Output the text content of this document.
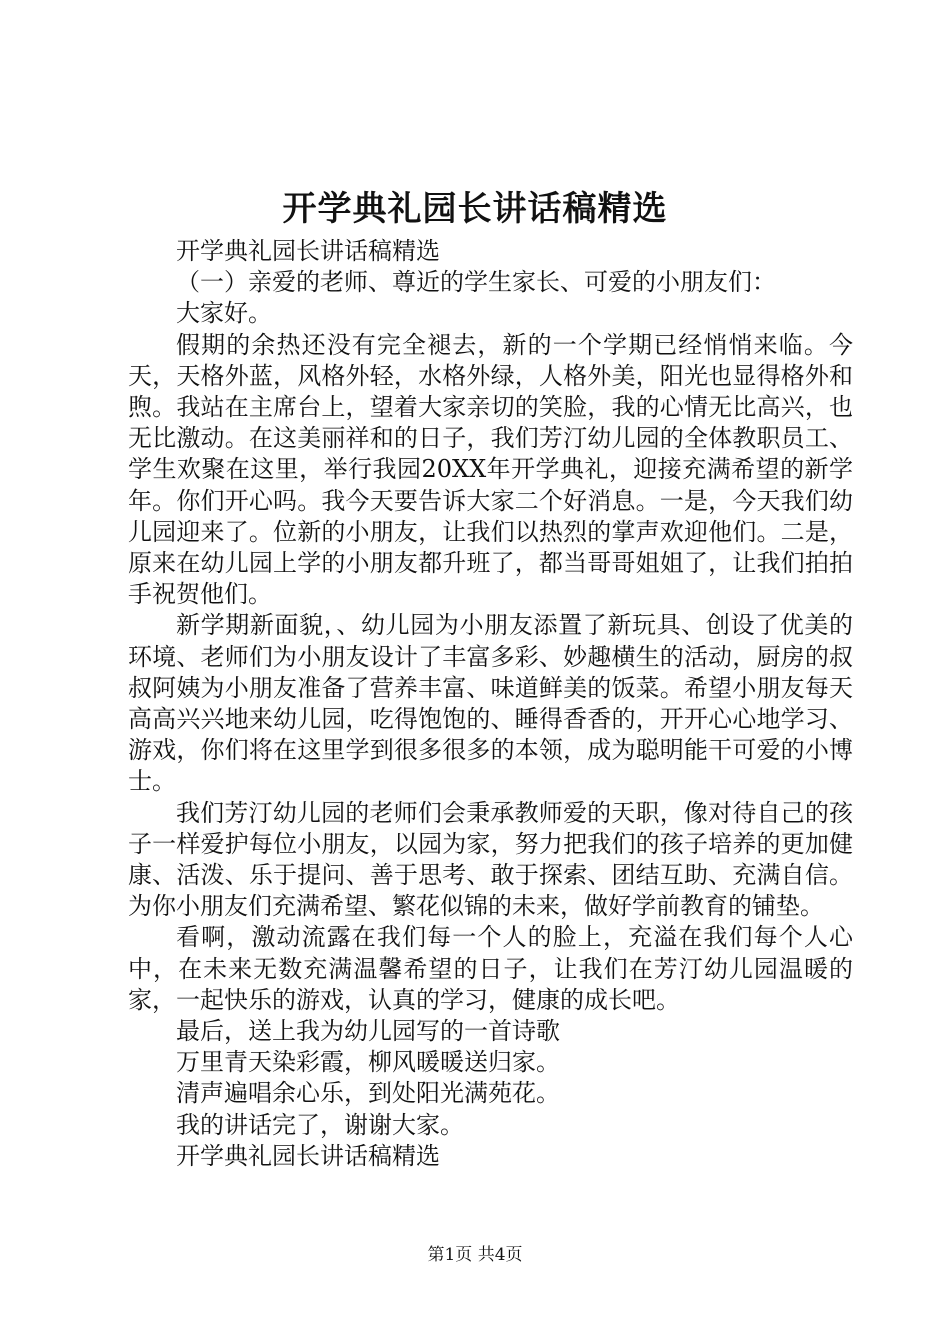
开学典礼园长讲话稿精选

开学典礼园长讲话稿精选

（一）亲爱的老师、尊近的学生家长、可爱的小朋友们：

大家好。

假期的余热还没有完全褪去，新的一个学期已经悄悄来临。今天，天格外蓝，风格外轻，水格外绿，人格外美，阳光也显得格外和煦。我站在主席台上，望着大家亲切的笑脸，我的心情无比高兴，也无比激动。在这美丽祥和的日子，我们芳汀幼儿园的全体教职员工、学生欢聚在这里，举行我园20XX年开学典礼，迎接充满希望的新学年。你们开心吗。我今天要告诉大家二个好消息。一是，今天我们幼儿园迎来了。位新的小朋友，让我们以热烈的掌声欢迎他们。二是，原来在幼儿园上学的小朋友都升班了，都当哥哥姐姐了，让我们拍拍手祝贺他们。

新学期新面貌，、幼儿园为小朋友添置了新玩具、创设了优美的环境、老师们为小朋友设计了丰富多彩、妙趣横生的活动，厨房的叔叔阿姨为小朋友准备了营养丰富、味道鲜美的饭菜。希望小朋友每天高高兴兴地来幼儿园，吃得饱饱的、睡得香香的，开开心心地学习、游戏，你们将在这里学到很多很多的本领，成为聪明能干可爱的小博士。

我们芳汀幼儿园的老师们会秉承教师爱的天职，像对待自己的孩子一样爱护每位小朋友，以园为家，努力把我们的孩子培养的更加健康、活泼、乐于提问、善于思考、敢于探索、团结互助、充满自信。为你小朋友们充满希望、繁花似锦的未来，做好学前教育的铺垫。

看啊，激动流露在我们每一个人的脸上，充溢在我们每个人心中，在未来无数充满温馨希望的日子，让我们在芳汀幼儿园温暖的家，一起快乐的游戏，认真的学习，健康的成长吧。

最后，送上我为幼儿园写的一首诗歌

万里青天染彩霞，柳风暖暖送归家。

清声遍唱余心乐，到处阳光满苑花。

我的讲话完了，谢谢大家。

开学典礼园长讲话稿精选

第1页 共4页
